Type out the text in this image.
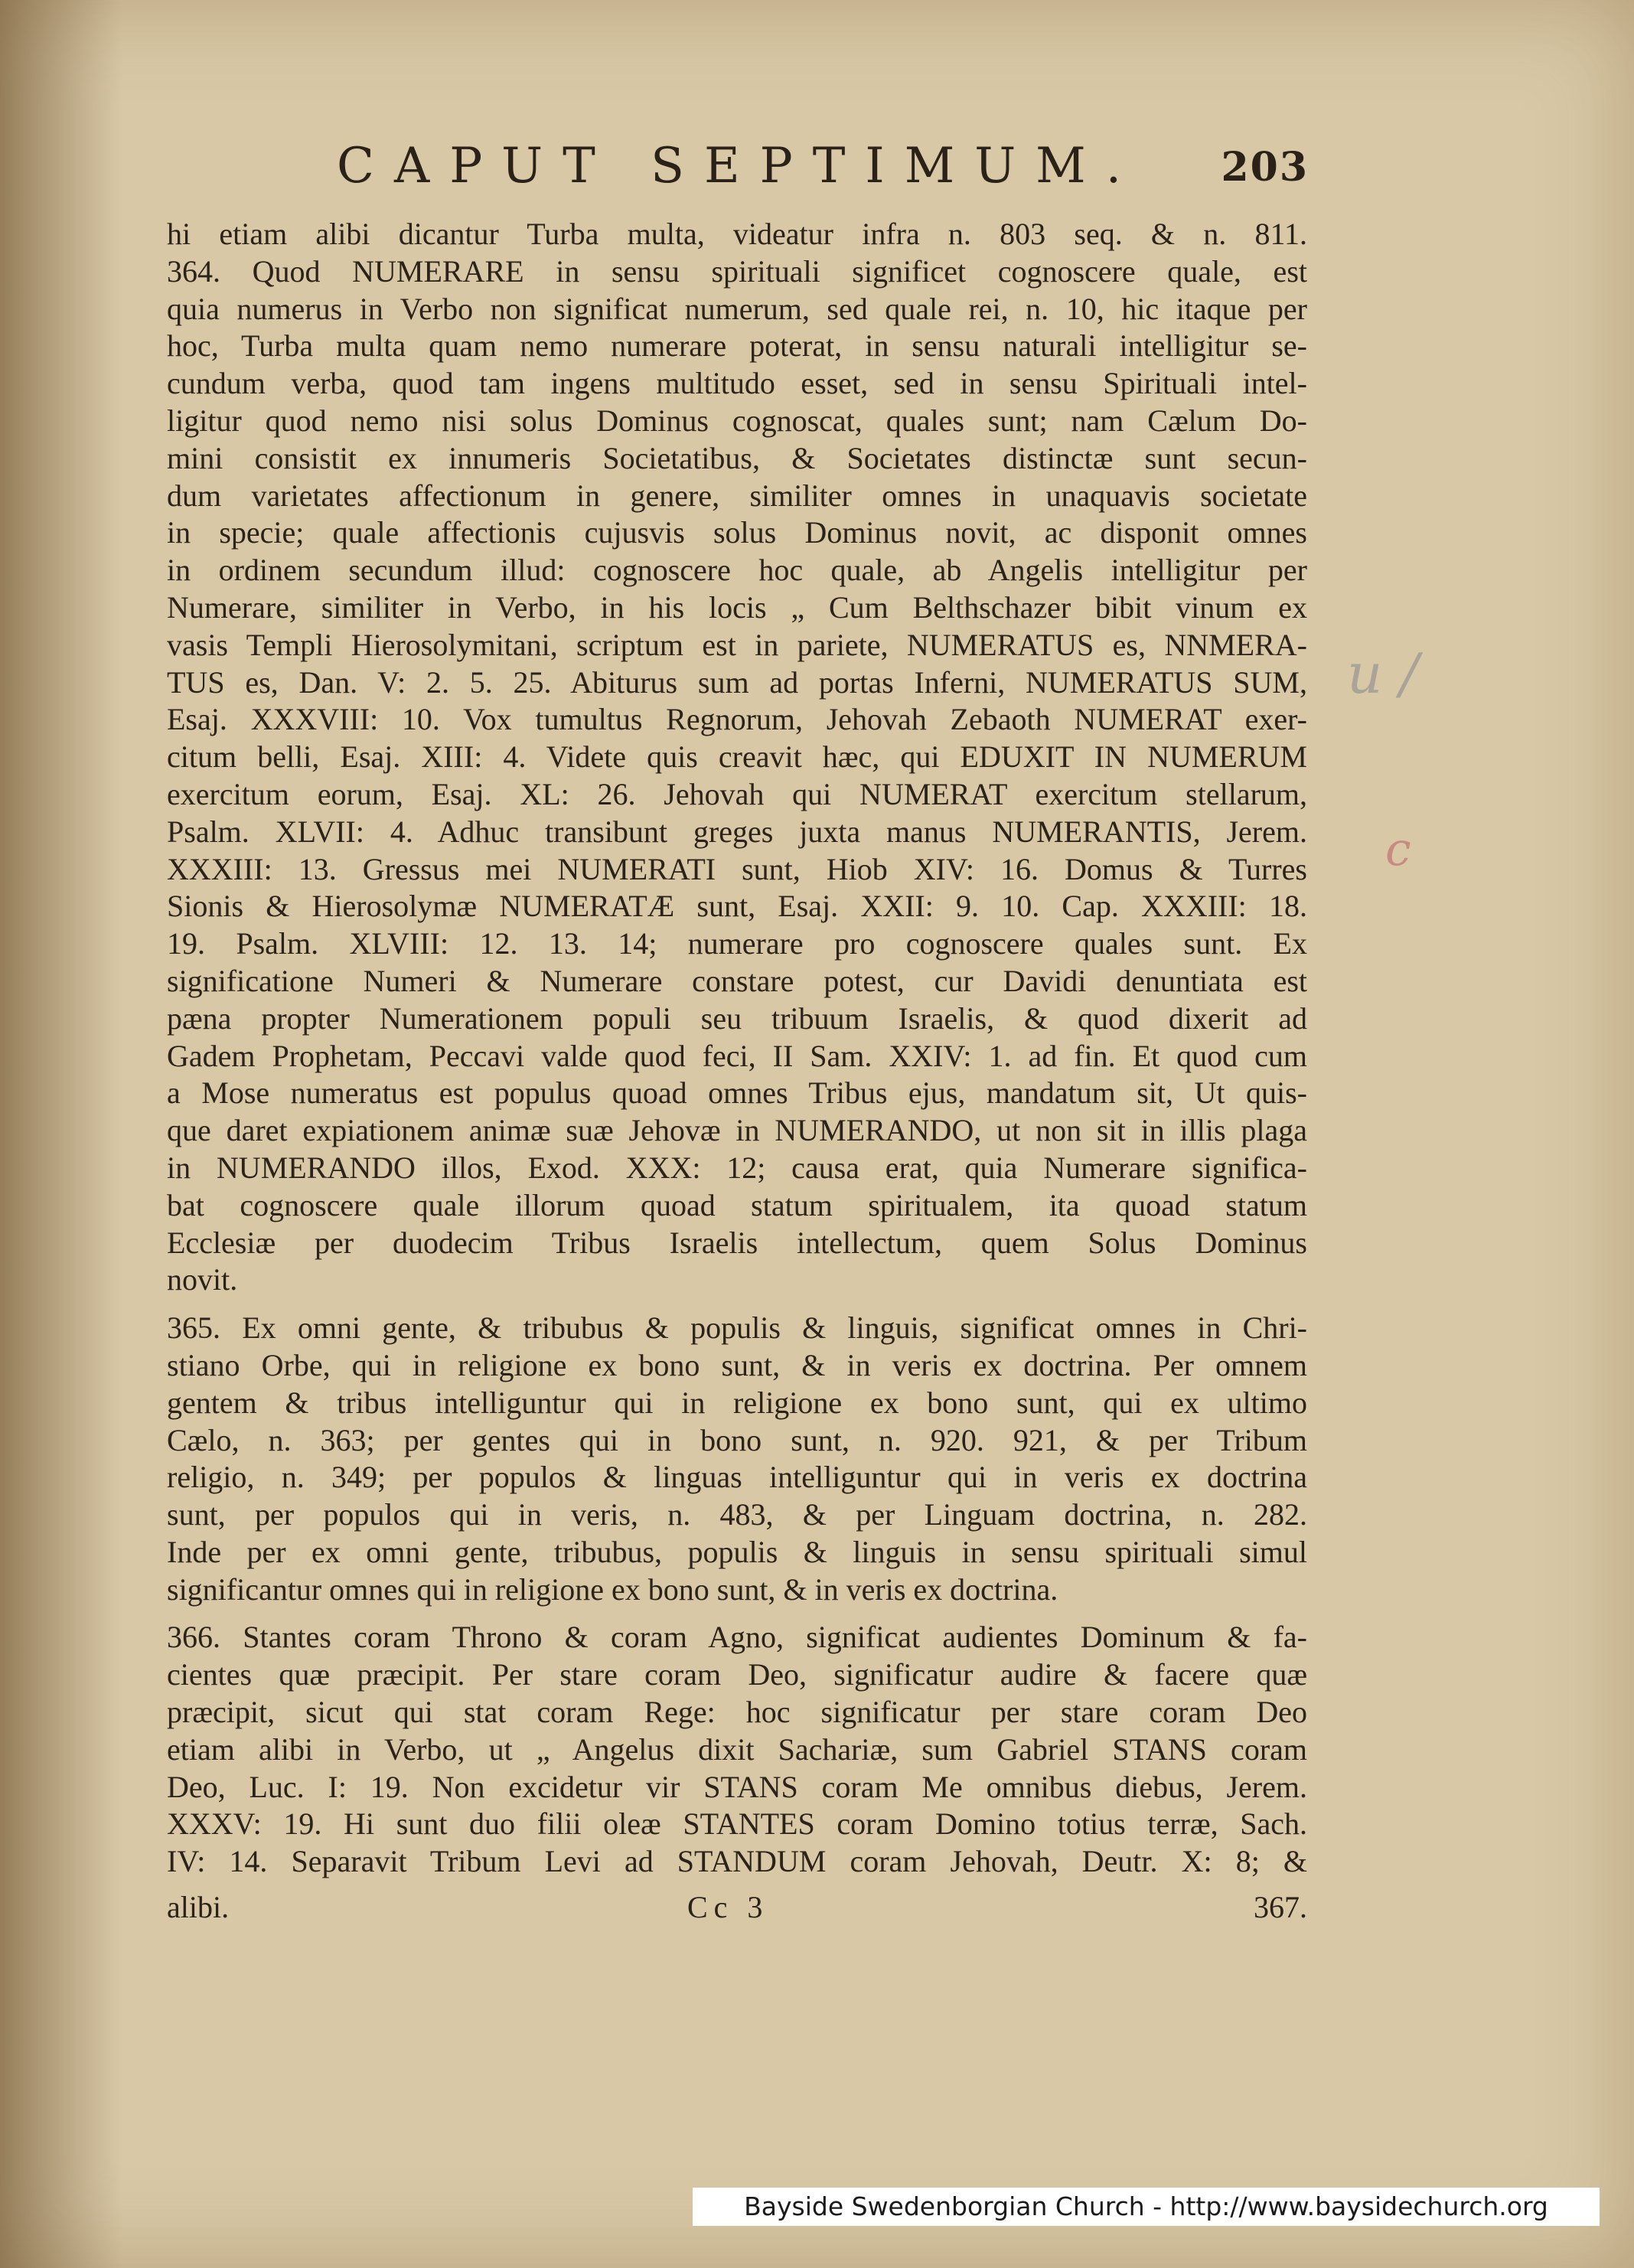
CAPUT SEPTIMUM. 203
hi etiam alibi dicantur Turba multa, videatur infra n. 803 seq. & n. 811.
364. Quod NUMERARE in sensu spirituali significet cognoscere quale, est
quia numerus in Verbo non significat numerum, sed quale rei, n. 10, hic itaque per
hoc, Turba multa quam nemo numerare poterat, in sensu naturali intelligitur se-
cundum verba, quod tam ingens multitudo esset, sed in sensu Spirituali intel-
ligitur quod nemo nisi solus Dominus cognoscat, quales sunt; nam Cælum Do-
mini consistit ex innumeris Societatibus, & Societates distinctæ sunt secun-
dum varietates affectionum in genere, similiter omnes in unaquavis societate
in specie; quale affectionis cujusvis solus Dominus novit, ac disponit omnes
in ordinem secundum illud: cognoscere hoc quale, ab Angelis intelligitur per
Numerare, similiter in Verbo, in his locis „ Cum Belthschazer bibit vinum ex
vasis Templi Hierosolymitani, scriptum est in pariete, NUMERATUS es, NNMERA-
TUS es, Dan. V: 2. 5. 25. Abiturus sum ad portas Inferni, NUMERATUS SUM,
Esaj. XXXVIII: 10. Vox tumultus Regnorum, Jehovah Zebaoth NUMERAT exer-
citum belli, Esaj. XIII: 4. Videte quis creavit hæc, qui EDUXIT IN NUMERUM
exercitum eorum, Esaj. XL: 26. Jehovah qui NUMERAT exercitum stellarum,
Psalm. XLVII: 4. Adhuc transibunt greges juxta manus NUMERANTIS, Jerem.
XXXIII: 13. Gressus mei NUMERATI sunt, Hiob XIV: 16. Domus & Turres
Sionis & Hierosolymæ NUMERATÆ sunt, Esaj. XXII: 9. 10. Cap. XXXIII: 18.
19. Psalm. XLVIII: 12. 13. 14; numerare pro cognoscere quales sunt. Ex
significatione Numeri & Numerare constare potest, cur Davidi denuntiata est
pæna propter Numerationem populi seu tribuum Israelis, & quod dixerit ad
Gadem Prophetam, Peccavi valde quod feci, II Sam. XXIV: 1. ad fin. Et quod cum
a Mose numeratus est populus quoad omnes Tribus ejus, mandatum sit, Ut quis-
que daret expiationem animæ suæ Jehovæ in NUMERANDO, ut non sit in illis plaga
in NUMERANDO illos, Exod. XXX: 12; causa erat, quia Numerare significa-
bat cognoscere quale illorum quoad statum spiritualem, ita quoad statum
Ecclesiæ per duodecim Tribus Israelis intellectum, quem Solus Dominus
novit.
365. Ex omni gente, & tribubus & populis & linguis, significat omnes in Chri-
stiano Orbe, qui in religione ex bono sunt, & in veris ex doctrina. Per omnem
gentem & tribus intelliguntur qui in religione ex bono sunt, qui ex ultimo
Cælo, n. 363; per gentes qui in bono sunt, n. 920. 921, & per Tribum
religio, n. 349; per populos & linguas intelliguntur qui in veris ex doctrina
sunt, per populos qui in veris, n. 483, & per Linguam doctrina, n. 282.
Inde per ex omni gente, tribubus, populis & linguis in sensu spirituali simul
significantur omnes qui in religione ex bono sunt, & in veris ex doctrina.
366. Stantes coram Throno & coram Agno, significat audientes Dominum & fa-
cientes quæ præcipit. Per stare coram Deo, significatur audire & facere quæ
præcipit, sicut qui stat coram Rege: hoc significatur per stare coram Deo
etiam alibi in Verbo, ut „ Angelus dixit Sachariæ, sum Gabriel STANS coram
Deo, Luc. I: 19. Non excidetur vir STANS coram Me omnibus diebus, Jerem.
XXXV: 19. Hi sunt duo filii oleæ STANTES coram Domino totius terræ, Sach.
IV: 14. Separavit Tribum Levi ad STANDUM coram Jehovah, Deutr. X: 8; &
alibi.	Cc 3	367.
u /
c
Bayside Swedenborgian Church - http://www.baysidechurch.org
